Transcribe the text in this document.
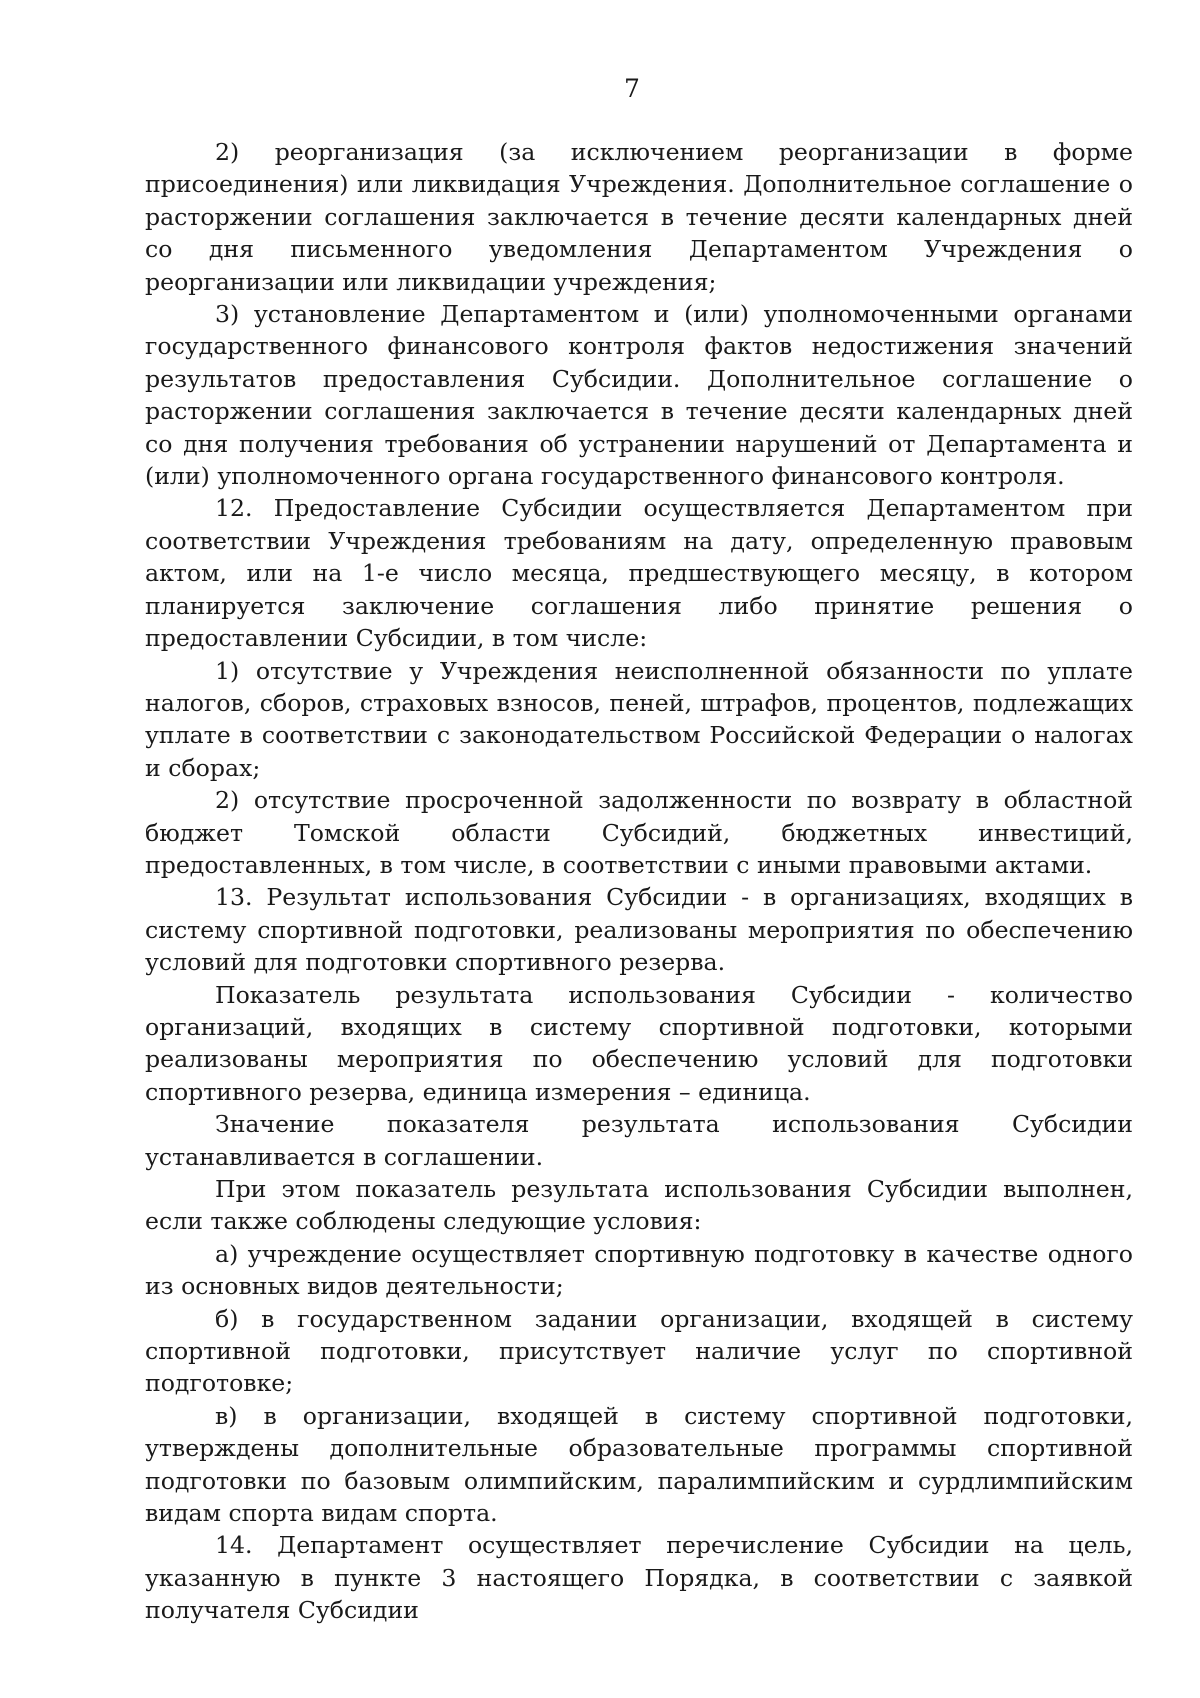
7

2) реорганизация (за исключением реорганизации в форме присоединения) или ликвидация Учреждения. Дополнительное соглашение о расторжении соглашения заключается в течение десяти календарных дней со дня письменного уведомления Департаментом Учреждения о реорганизации или ликвидации учреждения;

3) установление Департаментом и (или) уполномоченными органами государственного финансового контроля фактов недостижения значений результатов предоставления Субсидии. Дополнительное соглашение о расторжении соглашения заключается в течение десяти календарных дней со дня получения требования об устранении нарушений от Департамента и (или) уполномоченного органа государственного финансового контроля.

12. Предоставление Субсидии осуществляется Департаментом при соответствии Учреждения требованиям на дату, определенную правовым актом, или на 1-е число месяца, предшествующего месяцу, в котором планируется заключение соглашения либо принятие решения о предоставлении Субсидии, в том числе:

1) отсутствие у Учреждения неисполненной обязанности по уплате налогов, сборов, страховых взносов, пеней, штрафов, процентов, подлежащих уплате в соответствии с законодательством Российской Федерации о налогах и сборах;

2) отсутствие просроченной задолженности по возврату в областной бюджет Томской области Субсидий, бюджетных инвестиций, предоставленных, в том числе, в соответствии с иными правовыми актами.

13. Результат использования Субсидии - в организациях, входящих в систему спортивной подготовки, реализованы мероприятия по обеспечению условий для подготовки спортивного резерва.

Показатель результата использования Субсидии - количество организаций, входящих в систему спортивной подготовки, которыми реализованы мероприятия по обеспечению условий для подготовки спортивного резерва, единица измерения – единица.

Значение показателя результата использования Субсидии устанавливается в соглашении.

При этом показатель результата использования Субсидии выполнен, если также соблюдены следующие условия:

а) учреждение осуществляет спортивную подготовку в качестве одного из основных видов деятельности;

б) в государственном задании организации, входящей в систему спортивной подготовки, присутствует наличие услуг по спортивной подготовке;

в) в организации, входящей в систему спортивной подготовки, утверждены дополнительные образовательные программы спортивной подготовки по базовым олимпийским, паралимпийским и сурдлимпийским видам спорта видам спорта.

14. Департамент осуществляет перечисление Субсидии на цель, указанную в пункте 3 настоящего Порядка, в соответствии с заявкой получателя Субсидии
